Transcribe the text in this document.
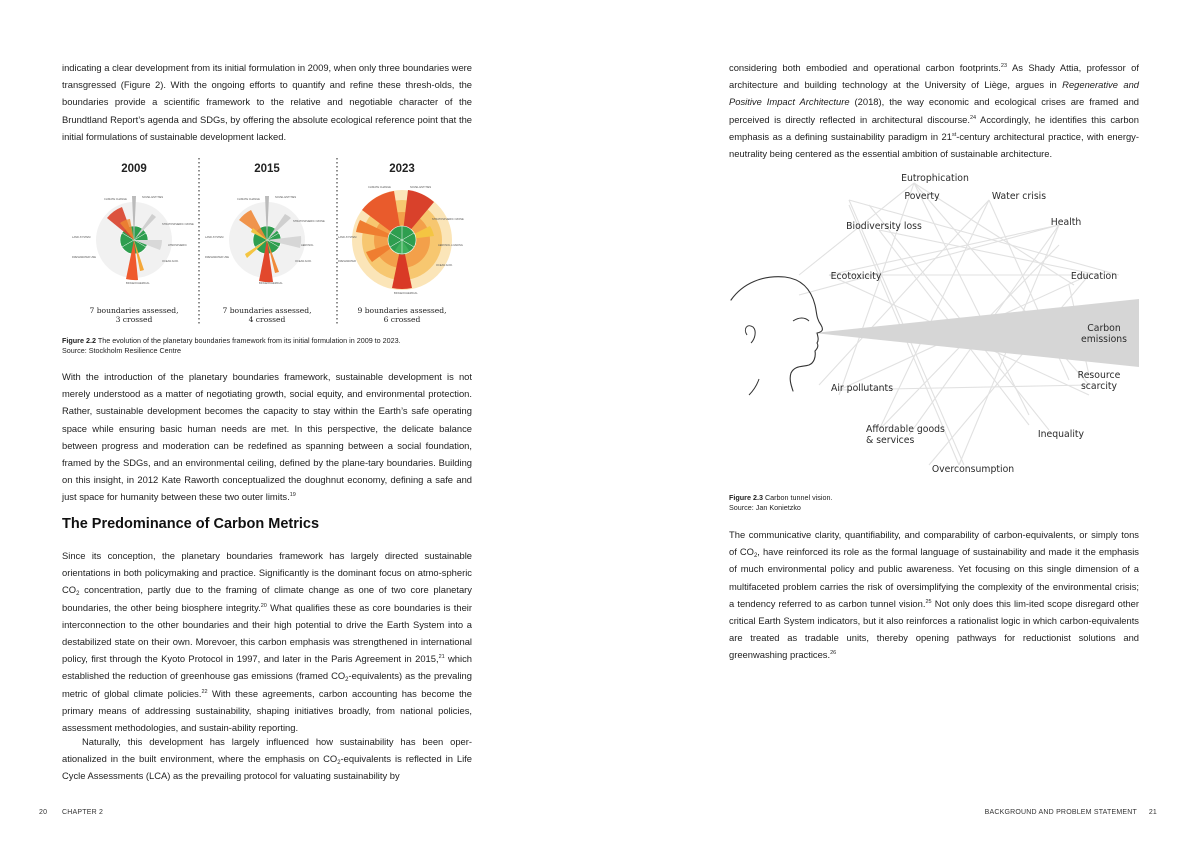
indicating a clear development from its initial formulation in 2009, when only three boundaries were transgressed (Figure 2). With the ongoing efforts to quantify and refine these thresh-olds, the boundaries provide a scientific framework to the relative and negotiable character of the Brundtland Report’s agenda and SDGs, by offering the absolute ecological reference point that the initial formulations of sustainable development lacked.

2009
CLIMATE CHANGE
NOVEL ENTITIES
STRATOSPHERIC OZONE
ATMOSPHERIC
LAND-SYSTEM
FRESHWATER USE
OCEAN ACID.
BIOGEOCHEMICAL
7 boundaries assessed,
3 crossed
2015
CLIMATE CHANGE
NOVEL ENTITIES
STRATOSPHERIC OZONE
AEROSOL
LAND-SYSTEM
FRESHWATER USE
OCEAN ACID.
BIOGEOCHEMICAL
7 boundaries assessed,
4 crossed
2023
CLIMATE CHANGE	NOVEL ENTITIES
STRATOSPHERIC OZONE
AEROSOL LOADING
LAND-SYSTEM
FRESHWATER
OCEAN ACID.
BIOGEOCHEMICAL
9 boundaries assessed,
6 crossed

Figure 2.2 The evolution of the planetary boundaries framework from its initial formulation in 2009 to 2023.
Source: Stockholm Resilience Centre

With the introduction of the planetary boundaries framework, sustainable development is not merely understood as a matter of negotiating growth, social equity, and environmental protection. Rather, sustainable development becomes the capacity to stay within the Earth’s safe operating space while ensuring basic human needs are met. In this perspective, the delicate balance between progress and moderation can be redefined as spanning between a social foundation, framed by the SDGs, and an environmental ceiling, defined by the plane-tary boundaries. Building on this insight, in 2012 Kate Raworth conceptualized the doughnut economy, defining a safe and just space for humanity between these two outer limits.$^{19}$

The Predominance of Carbon Metrics

Since its conception, the planetary boundaries framework has largely directed sustainable orientations in both policymaking and practice. Significantly is the dominant focus on atmo-spheric $CO_2$ concentration, partly due to the framing of climate change as one of two core planetary boundaries, the other being biosphere integrity.$^{20}$ What qualifies these as core boundaries is their interconnection to the other boundaries and their high potential to drive the Earth System into a destabilized state on their own. Morevoer, this carbon emphasis was strengthened in international policy, first through the Kyoto Protocol in 1997, and later in the Paris Agreement in 2015,21 which established the reduction of greenhouse gas emissions (framed $CO_2-equivalents$) as the prevaling metric of global climate policies.$^{22}$ With these agreements, carbon accounting has become the primary means of addressing sustainability, shaping initiatives broadly, from national policies, assessment methodologies, and sustain-ability reporting.

Naturally, this development has largely influenced how sustainability has been oper-ationalized in the built environment, where the emphasis on $CO_2$-equivalents is reflected in Life Cycle Assessments (LCA) as the prevailing protocol for valuating sustainability by

20 CHAPTER 2

considering both embodied and operational carbon footprints.$^{23}$ As Shady Attia, professor of architecture and building technology at the University of Liège, argues in Regenerative and Positive Impact Architecture (2018), the way economic and ecological crises are framed and perceived is directly reflected in architectural discourse.$^{24}$ Accordingly, he identifies this carbon emphasis as a defining sustainability paradigm in 21st-century architectural practice, with energy-neutrality being centered as the essential ambition of sustainable architecture.

Eutrophication
Poverty	Water crisis
Health
Biodiversity loss
Ecotoxicity	Education
Carbon
emissions
Resource
scarcity
Air pollutants
Affordable goods
& services
Inequality
Overconsumption

Figure 2.3 Carbon tunnel vision.
Source: Jan Konietzko

The communicative clarity, quantifiability, and comparability of carbon-equivalents, or simply tons of $CO_2$, have reinforced its role as the formal language of sustainability and made it the emphasis of much environmental policy and public awareness. Yet focusing on this single dimension of a multifaceted problem carries the risk of oversimplifying the complexity of the environmental crisis; a tendency referred to as carbon tunnel vision.$^{25}$ Not only does this lim-ited scope disregard other critical Earth System indicators, but it also reinforces a rationalist logic in which carbon-equivalents are treated as tradable units, thereby opening pathways for reductionist solutions and greenwashing practices.$^{26}$

BACKGROUND AND PROBLEM STATEMENT 21
